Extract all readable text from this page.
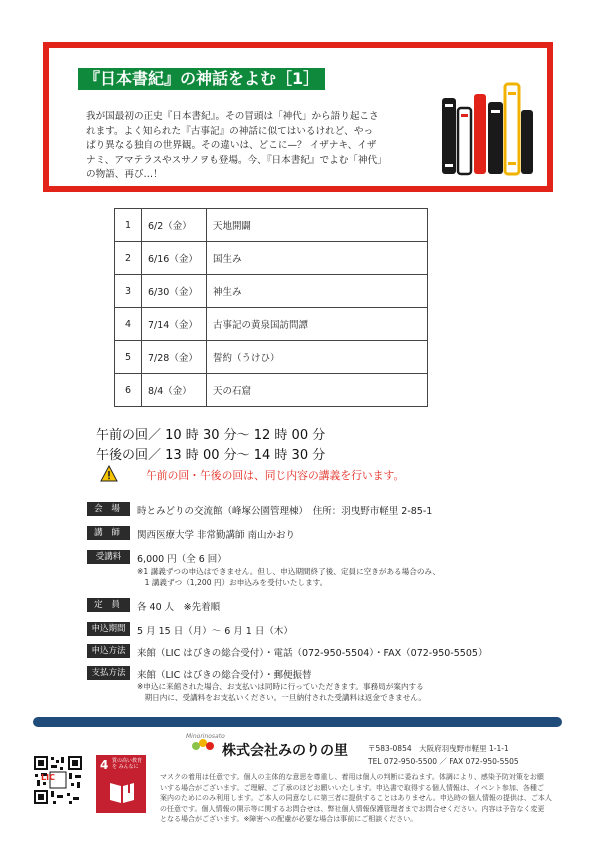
『日本書紀』の神話をよむ［1］
我が国最初の正史『日本書紀』。その冒頭は「神代」から語り起こさ
れます。よく知られた『古事記』の神話に似てはいるけれど、やっ
ぱり異なる独自の世界観。その違いは、どこに—？ イザナキ、イザ
ナミ、アマテラスやスサノヲも登場。今、『日本書紀』でよむ「神代」
の物語、再び…！
1	6/2（金）	天地開闢
2	6/16（金）	国生み
3	6/30（金）	神生み
4	7/14（金）	古事記の黄泉国訪問譚
5	7/28（金）	誓約（うけひ）
6	8/4（金）	天の石窟
午前の回／ 10 時 30 分～ 12 時 00 分
午後の回／ 13 時 00 分～ 14 時 30 分
午前の回・午後の回は、同じ内容の講義を行います。
会 場	時とみどりの交流館（峰塚公園管理棟）　住所：羽曳野市軽里 2-85-1
講 師	関西医療大学 非常勤講師 南山かおり
受講料	6,000 円（全 6 回）
※1 講義ずつの申込はできません。但し、申込期間終了後、定員に空きがある場合のみ、
　1 講義ずつ（1,200 円）お申込みを受付いたします。
定 員	各 40 人　※先着順
申込期間	5 月 15 日（月）～ 6 月 1 日（木）
申込方法	来館（LIC はびきの総合受付）・電話（072-950-5504）・FAX（072-950-5505）
支払方法	来館（LIC はびきの総合受付）・郵便振替
※申込に来館された場合、お支払いは同時に行っていただきます。事務局が案内する
　期日内に、受講料をお支払いください。一旦納付された受講料は返金できません。
LIC
4 質の高い教育を みんなに
Minorinosato
株式会社みのりの里	〒583-0854　大阪府羽曳野市軽里 1-1-1
TEL 072-950-5500 ／ FAX 072-950-5505
マスクの着用は任意です。個人の主体的な意思を尊重し、着用は個人の判断に委ねます。体調により、感染予防対策をお願
いする場合がございます。ご理解、ご了承のほどお願いいたします。申込書で取得する個人情報は、イベント参加、各種ご
案内のためにのみ利用します。ご本人の同意なしに第三者に提供することはありません。申込時の個人情報の提供は、ご本人
の任意です。個人情報の開示等に関するお問合せは、弊社個人情報保護管理者までお問合せください。内容は予告なく変更
となる場合がございます。※障害への配慮が必要な場合は事前にご相談ください。
